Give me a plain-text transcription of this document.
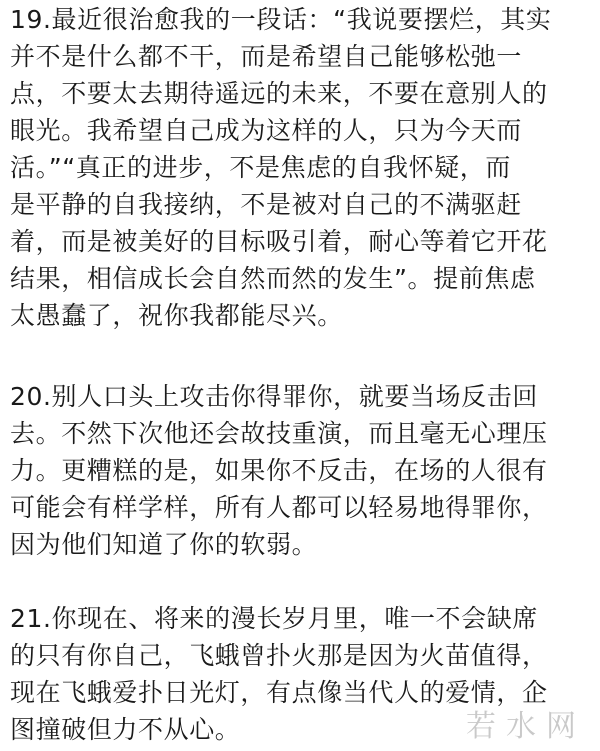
19.最近很治愈我的一段话：“我说要摆烂，其实
并不是什么都不干，而是希望自己能够松弛一
点，不要太去期待遥远的未来，不要在意别人的
眼光。我希望自己成为这样的人，只为今天而
活。”“真正的进步，不是焦虑的自我怀疑，而
是平静的自我接纳，不是被对自己的不满驱赶
着，而是被美好的目标吸引着，耐心等着它开花
结果，相信成长会自然而然的发生”。提前焦虑
太愚蠢了，祝你我都能尽兴。
20.别人口头上攻击你得罪你，就要当场反击回
去。不然下次他还会故技重演，而且毫无心理压
力。更糟糕的是，如果你不反击，在场的人很有
可能会有样学样，所有人都可以轻易地得罪你，
因为他们知道了你的软弱。
21.你现在、将来的漫长岁月里，唯一不会缺席
的只有你自己，飞蛾曾扑火那是因为火苗值得，
现在飞蛾爱扑日光灯，有点像当代人的爱情，企
图撞破但力不从心。	若水网
